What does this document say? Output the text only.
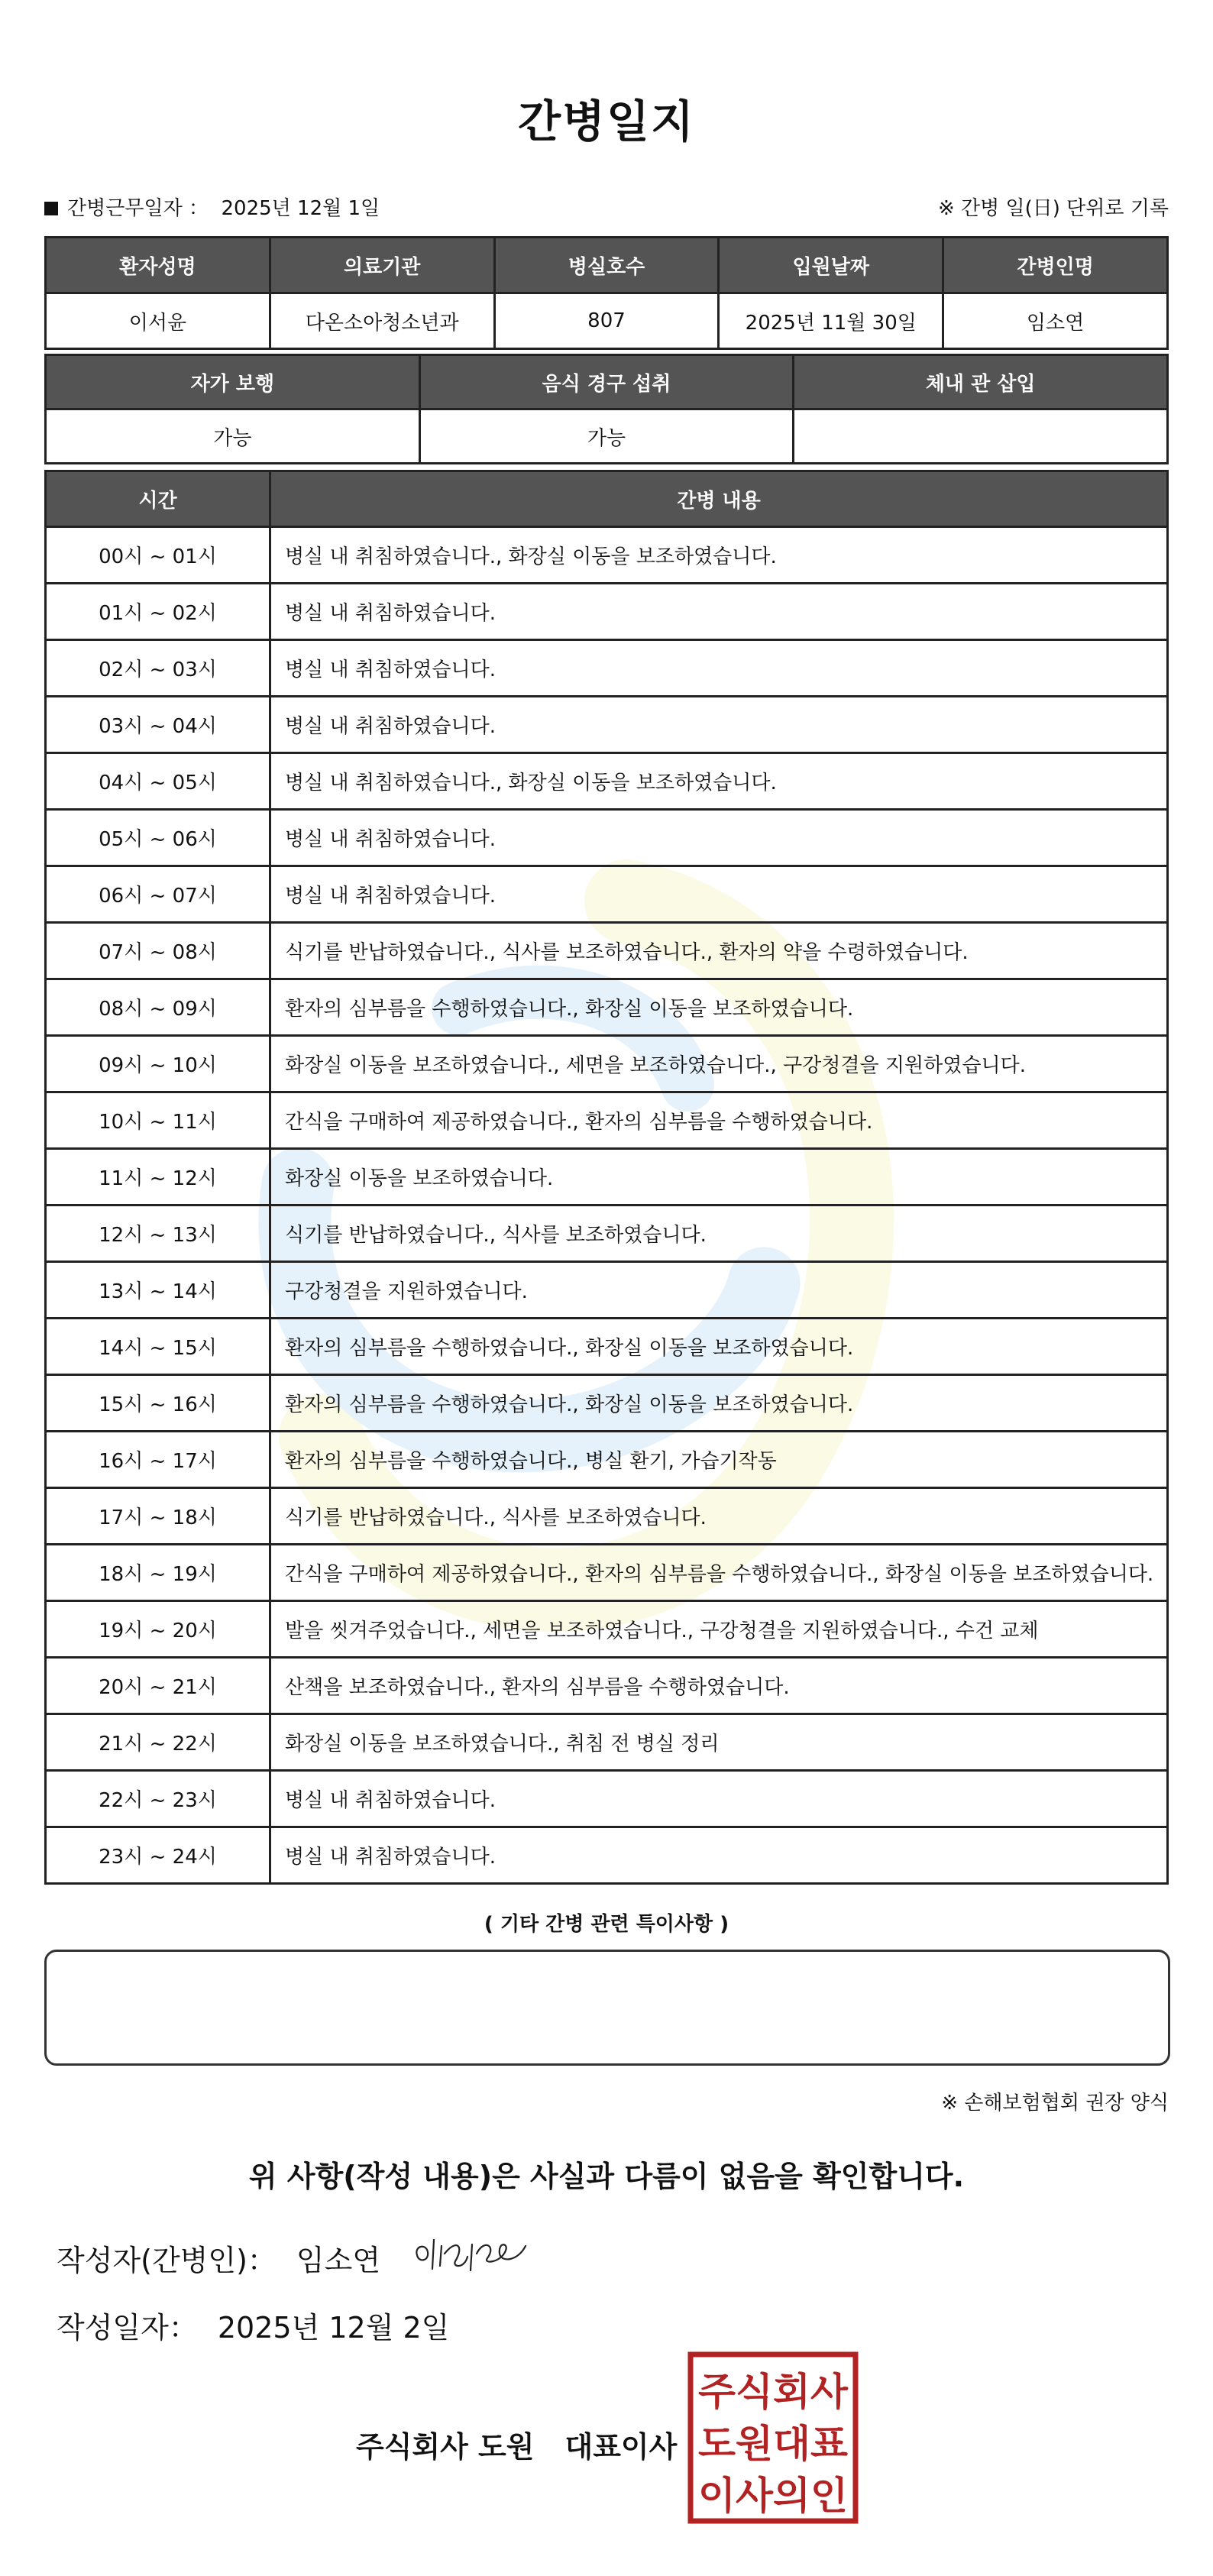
간병일지
간병근무일자 ： 2025년 12월 1일	※ 간병 일(日) 단위로 기록
환자성명	의료기관	병실호수	입원날짜	간병인명
이서윤	다온소아청소년과	807	2025년 11월 30일	임소연
자가 보행	음식 경구 섭취	체내 관 삽입
가능	가능	
시간	간병 내용
00시 ~ 01시	병실 내 취침하였습니다., 화장실 이동을 보조하였습니다.
01시 ~ 02시	병실 내 취침하였습니다.
02시 ~ 03시	병실 내 취침하였습니다.
03시 ~ 04시	병실 내 취침하였습니다.
04시 ~ 05시	병실 내 취침하였습니다., 화장실 이동을 보조하였습니다.
05시 ~ 06시	병실 내 취침하였습니다.
06시 ~ 07시	병실 내 취침하였습니다.
07시 ~ 08시	식기를 반납하였습니다., 식사를 보조하였습니다., 환자의 약을 수령하였습니다.
08시 ~ 09시	환자의 심부름을 수행하였습니다., 화장실 이동을 보조하였습니다.
09시 ~ 10시	화장실 이동을 보조하였습니다., 세면을 보조하였습니다., 구강청결을 지원하였습니다.
10시 ~ 11시	간식을 구매하여 제공하였습니다., 환자의 심부름을 수행하였습니다.
11시 ~ 12시	화장실 이동을 보조하였습니다.
12시 ~ 13시	식기를 반납하였습니다., 식사를 보조하였습니다.
13시 ~ 14시	구강청결을 지원하였습니다.
14시 ~ 15시	환자의 심부름을 수행하였습니다., 화장실 이동을 보조하였습니다.
15시 ~ 16시	환자의 심부름을 수행하였습니다., 화장실 이동을 보조하였습니다.
16시 ~ 17시	환자의 심부름을 수행하였습니다., 병실 환기, 가습기작동
17시 ~ 18시	식기를 반납하였습니다., 식사를 보조하였습니다.
18시 ~ 19시	간식을 구매하여 제공하였습니다., 환자의 심부름을 수행하였습니다., 화장실 이동을 보조하였습니다.
19시 ~ 20시	발을 씻겨주었습니다., 세면을 보조하였습니다., 구강청결을 지원하였습니다., 수건 교체
20시 ~ 21시	산책을 보조하였습니다., 환자의 심부름을 수행하였습니다.
21시 ~ 22시	화장실 이동을 보조하였습니다., 취침 전 병실 정리
22시 ~ 23시	병실 내 취침하였습니다.
23시 ~ 24시	병실 내 취침하였습니다.
( 기타 간병 관련 특이사항 )
※ 손해보험협회 권장 양식
위 사항(작성 내용)은 사실과 다름이 없음을 확인합니다.
작성자(간병인)： 임소연
작성일자： 2025년 12월 2일
주식회사 도원 대표이사
주식회사
도원대표
이사의인
